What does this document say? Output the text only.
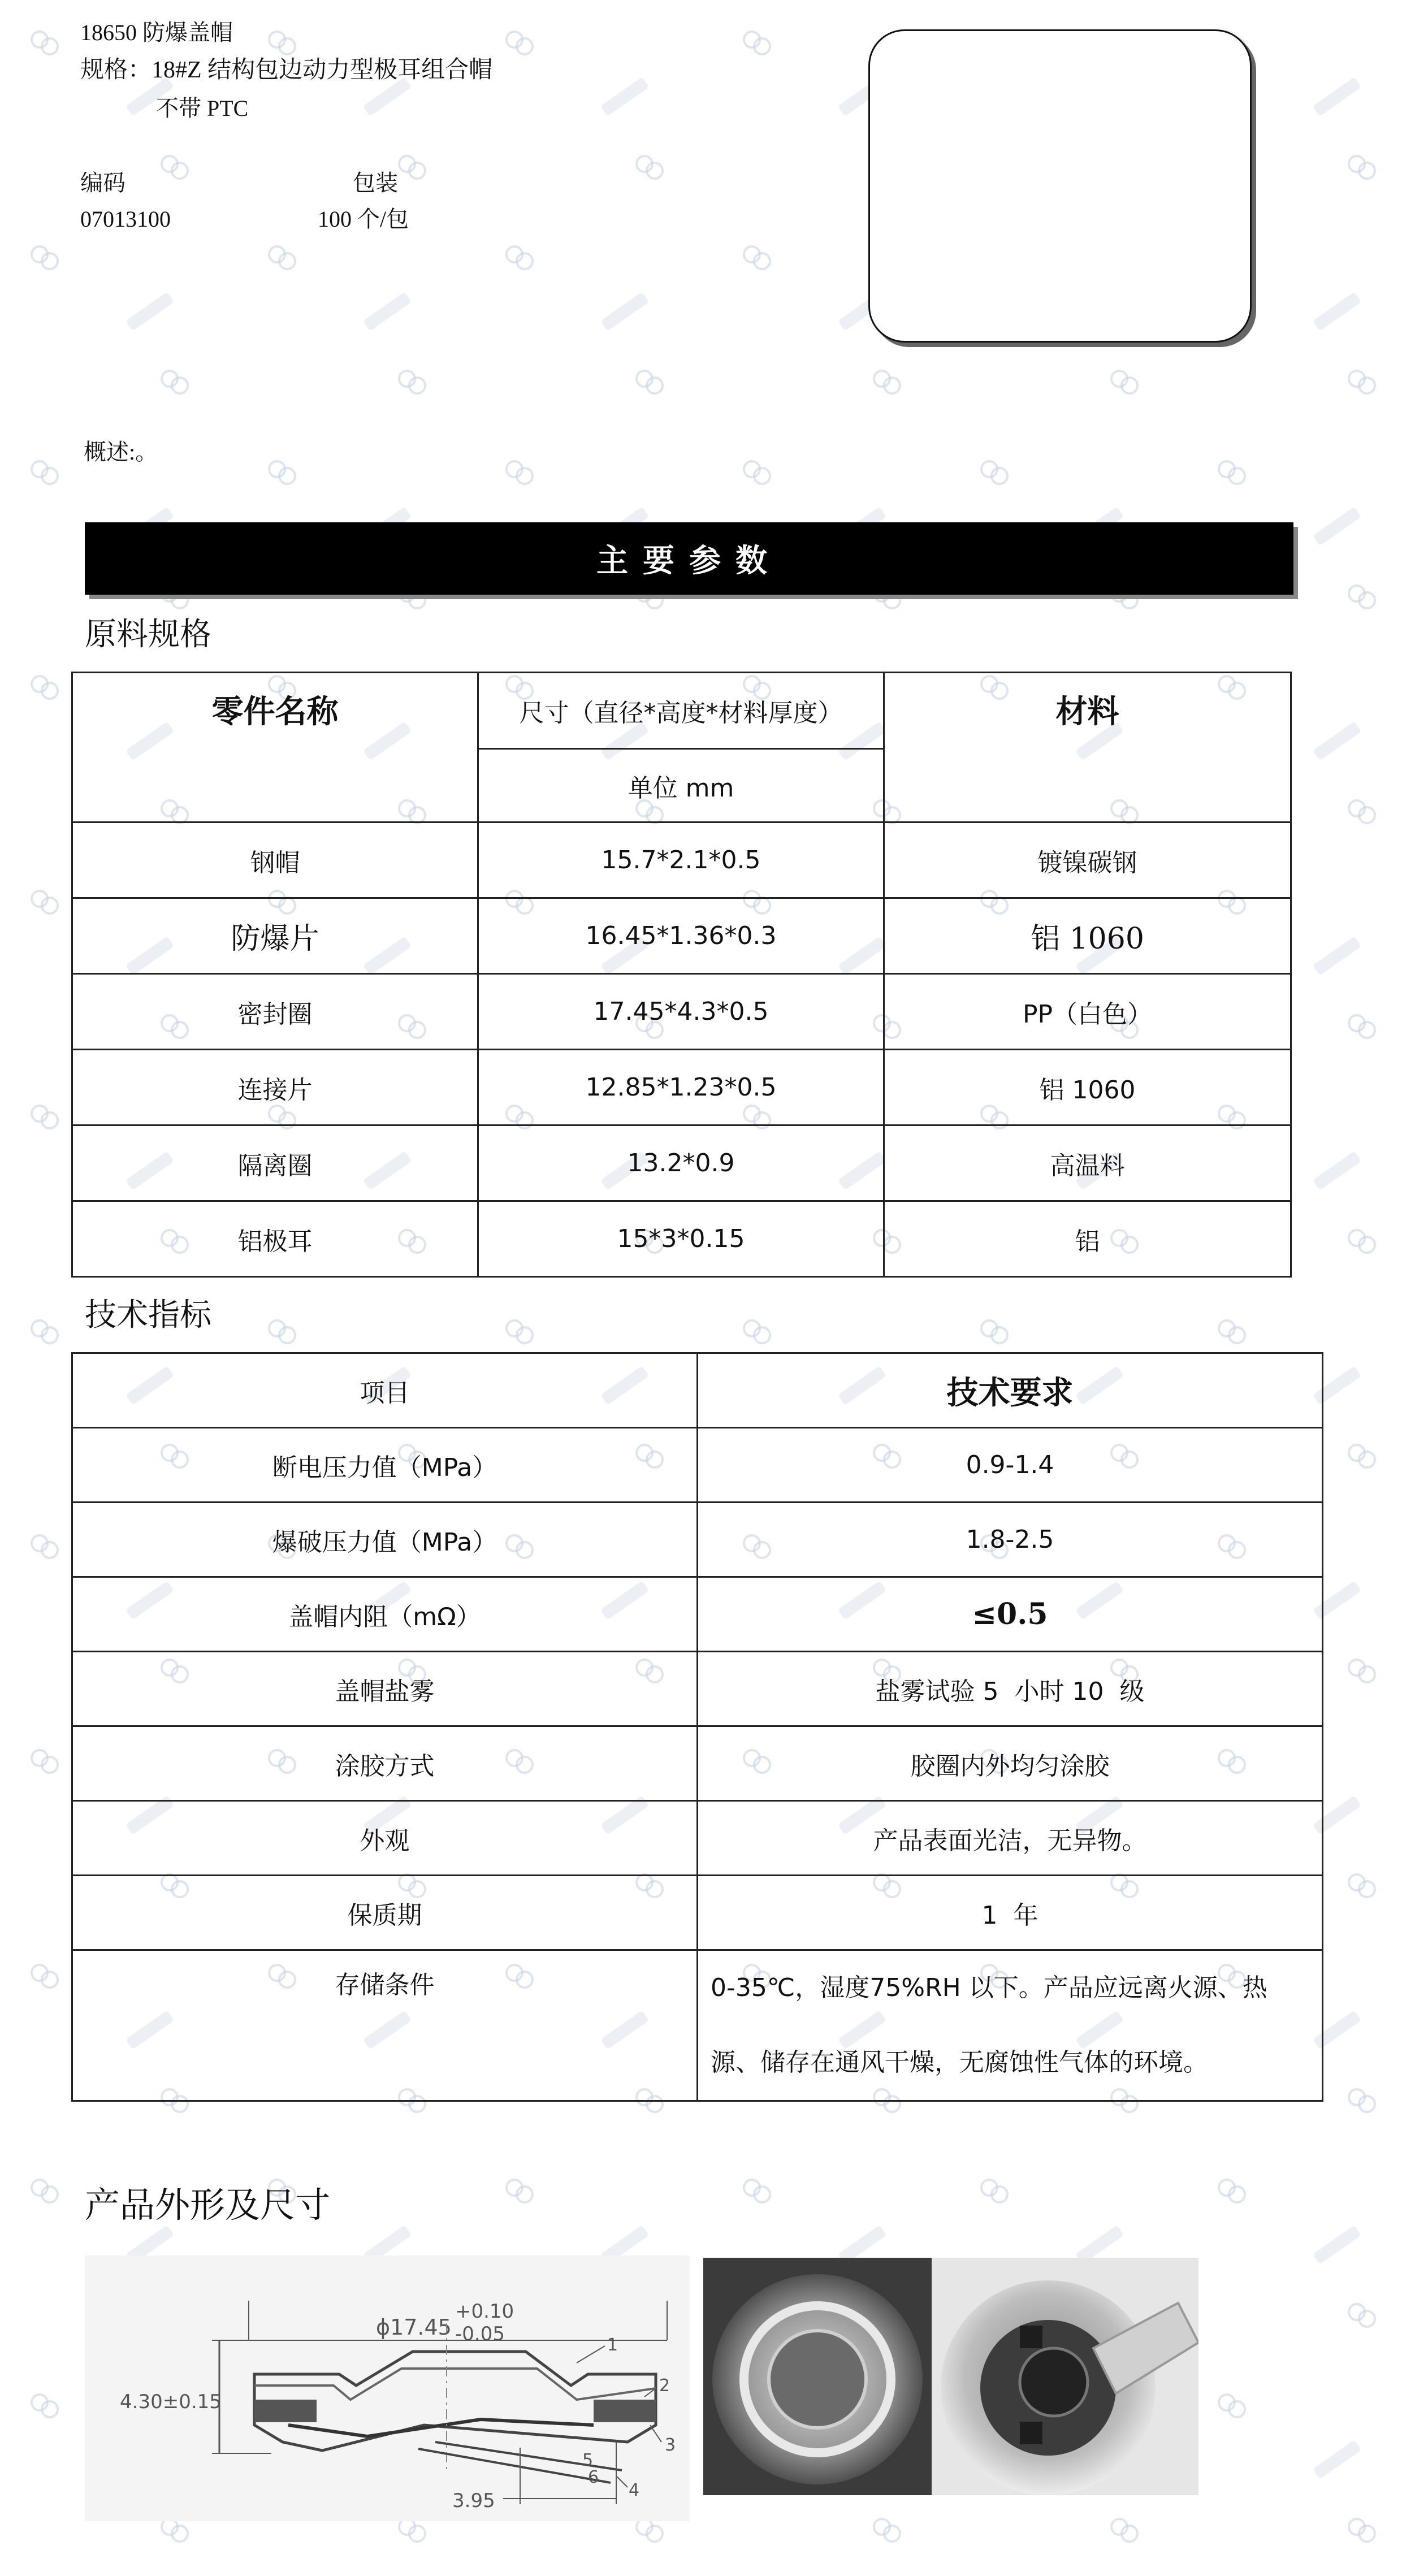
18650 防爆盖帽
规格：18#Z 结构包边动力型极耳组合帽
不带 PTC
编码	包装
07013100	100 个/包
概述:。
主要参数
原料规格
零件名称	尺寸（直径*高度*材料厚度）	材料
	单位 mm	
钢帽	15.7*2.1*0.5	镀镍碳钢
防爆片	16.45*1.36*0.3	铝 1060
密封圈	17.45*4.3*0.5	PP（白色）
连接片	12.85*1.23*0.5	铝 1060
隔离圈	13.2*0.9	高温料
铝极耳	15*3*0.15	铝
技术指标
项目	技术要求
断电压力值（MPa）	0.9-1.4
爆破压力值（MPa）	1.8-2.5
盖帽内阻（mΩ）	≤0.5
盖帽盐雾	盐雾试验 5  小时 10  级
涂胶方式	胶圈内外均匀涂胶
外观	产品表面光洁，无异物。
保质期	1  年
存储条件	0-35℃，湿度75%RH 以下。产品应远离火源、热
源、储存在通风干燥，无腐蚀性气体的环境。
产品外形及尺寸
4.30±0.15
ϕ17.45
+0.10
-0.05	1
2
3
4
5
6
3.95
